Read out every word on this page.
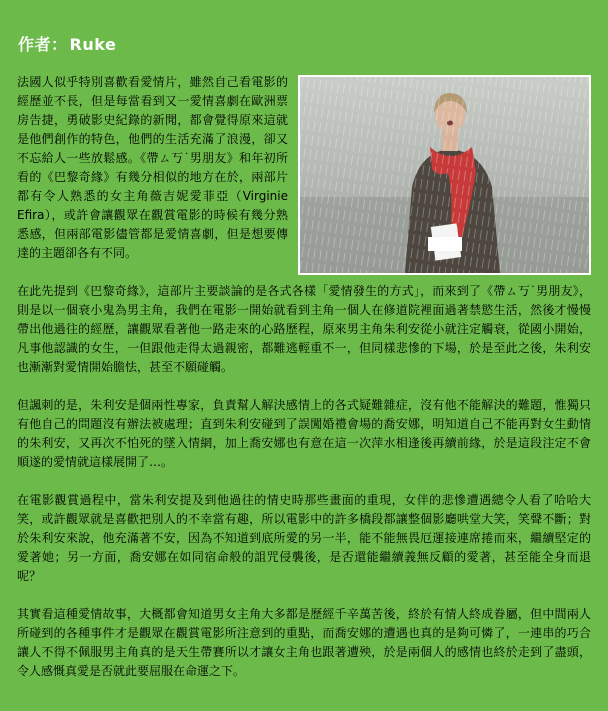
作者： Ruke

法國人似乎特別喜歡看愛情片，雖然自己看電影的經歷並不長，但是每當看到又一愛情喜劇在歐洲票房告捷，勇破影史紀錄的新聞，都會覺得原來這就是他們創作的特色，他們的生活充滿了浪漫，卻又不忘給人一些放鬆感。《帶ㄙ丂˙男朋友》和年初所看的《巴黎奇緣》有幾分相似的地方在於，兩部片都有令人熟悉的女主角薇吉妮愛菲亞（Virginie Efira），或許會讓觀眾在觀賞電影的時候有幾分熟悉感，但兩部電影儘管都是愛情喜劇，但是想要傳達的主題卻各有不同。

在此先提到《巴黎奇緣》，這部片主要談論的是各式各樣「愛情發生的方式」，而來到了《帶ㄙ丂˙男朋友》，則是以一個衰小鬼為男主角，我們在電影一開始就看到主角一個人在修道院裡面過著禁慾生活，然後才慢慢帶出他過往的經歷，讓觀眾看著他一路走來的心路歷程，原來男主角朱利安從小就注定觸衰，從國小開始，凡事他認識的女生，一但跟他走得太過親密，都難逃輕重不一，但同樣悲慘的下場，於是至此之後，朱利安也漸漸對愛情開始膽怯，甚至不願碰觸。

但諷刺的是，朱利安是個兩性專家，負責幫人解決感情上的各式疑難雜症，沒有他不能解決的難題，惟獨只有他自己的問題沒有辦法被處理；直到朱利安碰到了誤闖婚禮會場的喬安娜，明知道自己不能再對女生動情的朱利安，又再次不怕死的墜入情網，加上喬安娜也有意在這一次萍水相逢後再續前緣，於是這段注定不會順遂的愛情就這樣展開了…。

在電影觀賞過程中，當朱利安提及到他過往的情史時那些畫面的重現，女伴的悲慘遭遇總令人看了哈哈大笑，或許觀眾就是喜歡把別人的不幸當有趣，所以電影中的許多橋段都讓整個影廳哄堂大笑，笑聲不斷；對於朱利安來說，他充滿著不安，因為不知道到底所愛的另一半，能不能無畏厄運接連席捲而來，繼續堅定的愛著她；另一方面，喬安娜在如同宿命般的詛咒侵襲後，是否還能繼續義無反顧的愛著，甚至能全身而退呢？

其實看這種愛情故事，大概都會知道男女主角大多都是歷經千辛萬苦後，終於有情人終成眷屬，但中間兩人所碰到的各種事件才是觀眾在觀賞電影所注意到的重點，而喬安娜的遭遇也真的是夠可憐了，一連串的巧合讓人不得不佩服男主角真的是天生帶賽所以才讓女主角也跟著遭殃，於是兩個人的感情也終於走到了盡頭，令人感慨真愛是否就此要屈服在命運之下。
